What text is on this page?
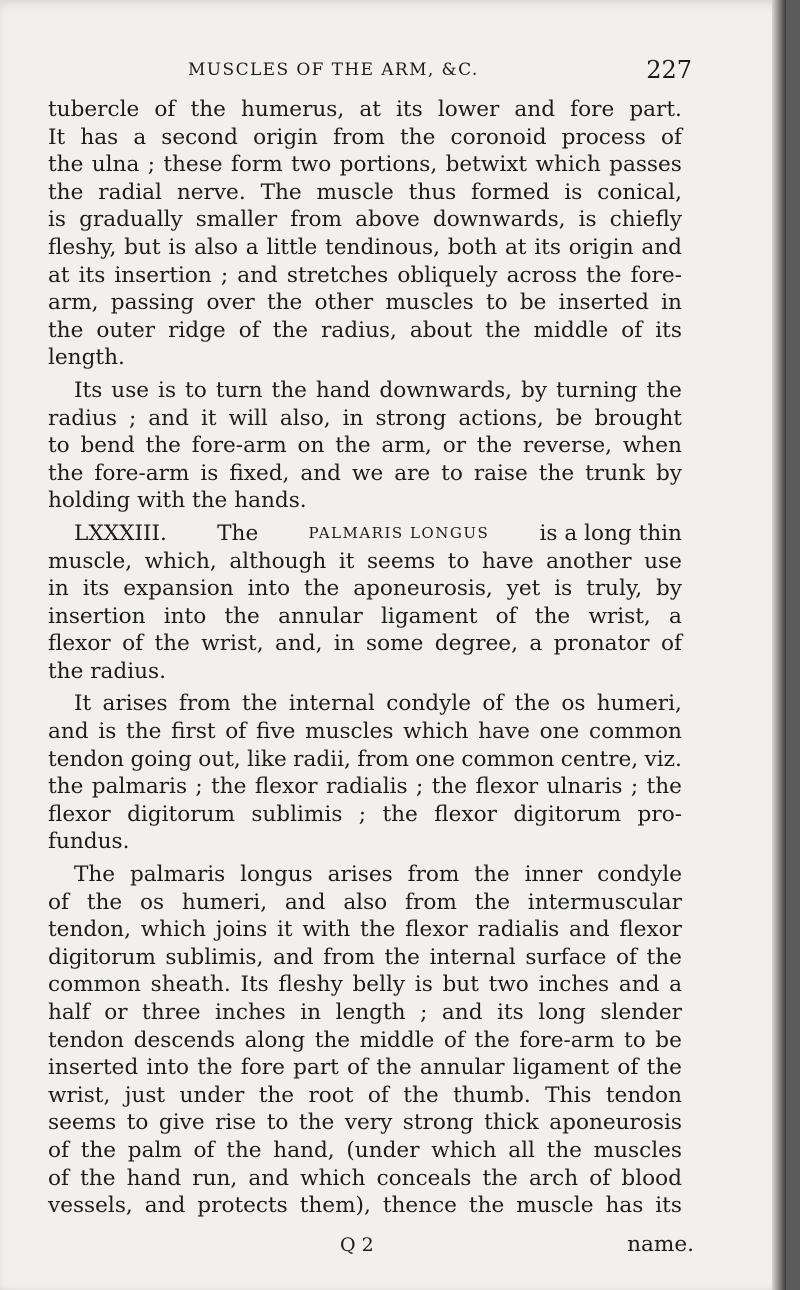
MUSCLES OF THE ARM, &C.	227
tubercle of the humerus, at its lower and fore part.
It has a second origin from the coronoid process of
the ulna ; these form two portions, betwixt which passes
the radial nerve. The muscle thus formed is conical,
is gradually smaller from above downwards, is chiefly
fleshy, but is also a little tendinous, both at its origin and
at its insertion ; and stretches obliquely across the fore-
arm, passing over the other muscles to be inserted in
the outer ridge of the radius, about the middle of its
length.
Its use is to turn the hand downwards, by turning the
radius ; and it will also, in strong actions, be brought
to bend the fore-arm on the arm, or the reverse, when
the fore-arm is fixed, and we are to raise the trunk by
holding with the hands.
LXXXIII. The	PALMARIS LONGUS is a long thin
muscle, which, although it seems to have another use
in its expansion into the aponeurosis, yet is truly, by
insertion into the annular ligament of the wrist, a
flexor of the wrist, and, in some degree, a pronator of
the radius.
It arises from the internal condyle of the os humeri,
and is the first of five muscles which have one common
tendon going out, like radii, from one common centre, viz.
the palmaris ; the flexor radialis ; the flexor ulnaris ; the
flexor digitorum sublimis ; the flexor digitorum pro-
fundus.
The palmaris longus arises from the inner condyle
of the os humeri, and also from the intermuscular
tendon, which joins it with the flexor radialis and flexor
digitorum sublimis, and from the internal surface of the
common sheath. Its fleshy belly is but two inches and a
half or three inches in length ; and its long slender
tendon descends along the middle of the fore-arm to be
inserted into the fore part of the annular ligament of the
wrist, just under the root of the thumb. This tendon
seems to give rise to the very strong thick aponeurosis
of the palm of the hand, (under which all the muscles
of the hand run, and which conceals the arch of blood
vessels, and protects them), thence the muscle has its
Q 2	name.
